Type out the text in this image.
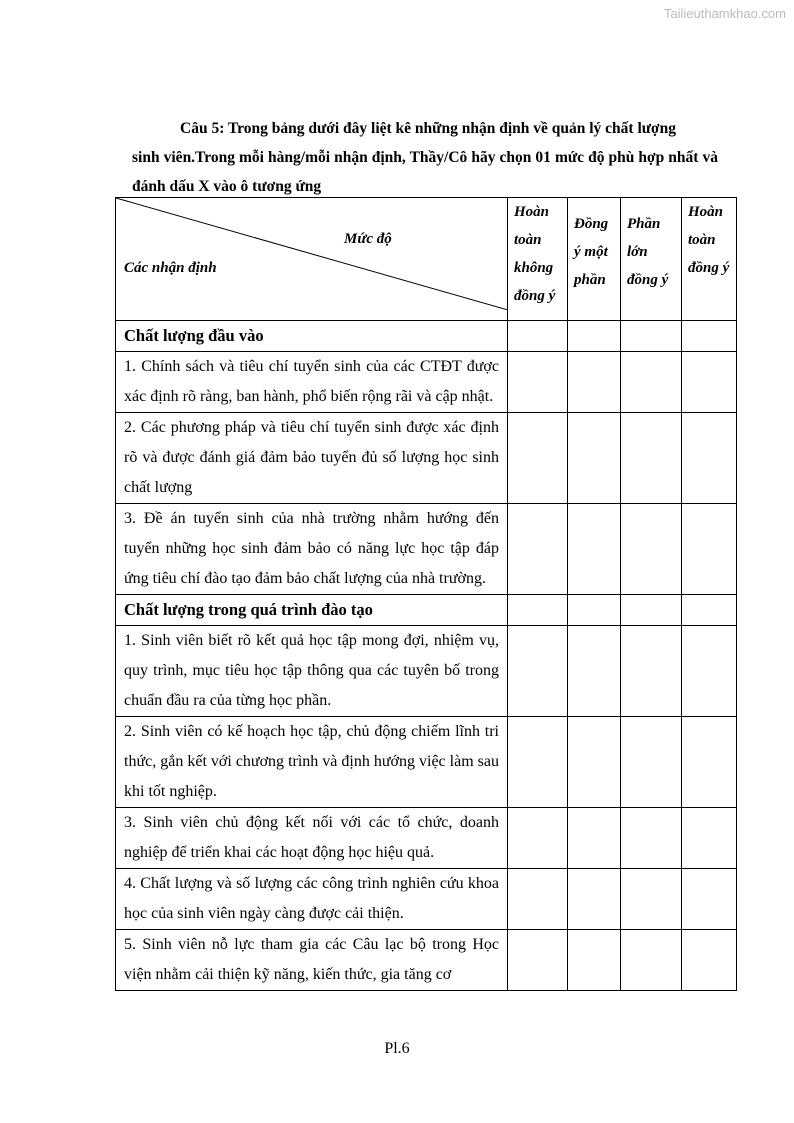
Tailieuthamkhao.com
Câu 5: Trong bảng dưới đây liệt kê những nhận định về quản lý chất lượng
sinh viên.Trong mỗi hàng/mỗi nhận định, Thầy/Cô hãy chọn 01 mức độ phù hợp nhất và đánh dấu X vào ô tương ứng
Mức độ
Các nhận định	Hoàn toàn không đồng ý	Đồng ý một phần	Phần lớn đồng ý	Hoàn toàn đồng ý
Chất lượng đầu vào				
1. Chính sách và tiêu chí tuyển sinh của các CTĐT được xác định rõ ràng, ban hành, phổ biến rộng rãi và cập nhật.				
2. Các phương pháp và tiêu chí tuyển sinh được xác định rõ và được đánh giá đảm bảo tuyển đủ số lượng học sinh chất lượng				
3. Đề án tuyển sinh của nhà trường nhằm hướng đến tuyển những học sinh đảm bảo có năng lực học tập đáp ứng tiêu chí đào tạo đảm bảo chất lượng của nhà trường.				
Chất lượng trong quá trình đào tạo				
1. Sinh viên biết rõ kết quả học tập mong đợi, nhiệm vụ, quy trình, mục tiêu học tập thông qua các tuyên bố trong chuẩn đầu ra của từng học phần.				
2. Sinh viên có kế hoạch học tập, chủ động chiếm lĩnh tri thức, gắn kết với chương trình và định hướng việc làm sau khi tốt nghiệp.				
3. Sinh viên chủ động kết nối với các tổ chức, doanh nghiệp để triển khai các hoạt động học hiệu quả.				
4. Chất lượng và số lượng các công trình nghiên cứu khoa học của sinh viên ngày càng được cải thiện.				
5. Sinh viên nỗ lực tham gia các Câu lạc bộ trong Học viện nhằm cải thiện kỹ năng, kiến thức, gia tăng cơ				
Pl.6
